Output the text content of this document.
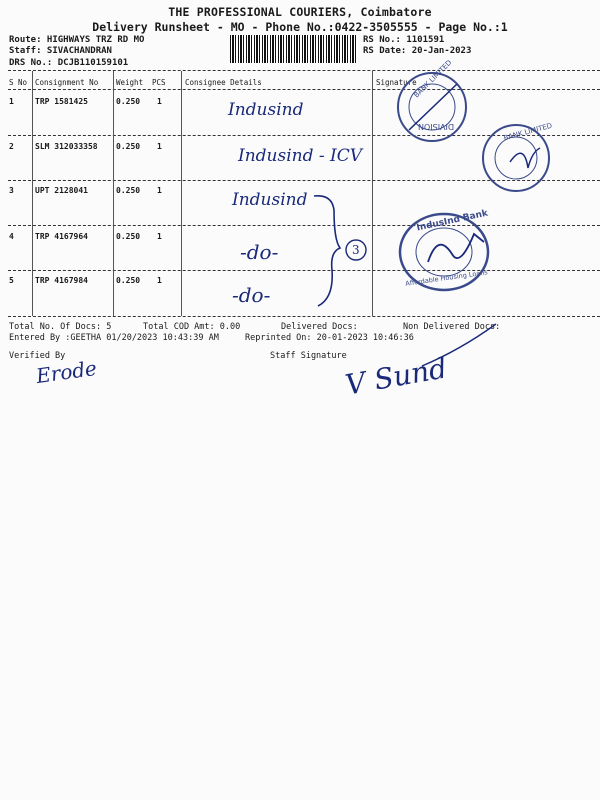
THE PROFESSIONAL COURIERS, Coimbatore
Delivery Runsheet - MO - Phone No.:0422-3505555 - Page No.:1
Route: HIGHWAYS TRZ RD MO
Staff: SIVACHANDRAN
DRS No.: DCJB110159101
RS No.: 1101591
RS Date: 20-Jan-2023
S No Consignment No Weight PCS	Consignee Details	Signature
1	TRP 1581425	0.250 1	Indusind
2	SLM 312033358 0.250 1	Indusind - ICV
3	UPT 2128041	0.250 1	Indusind
4	TRP 4167964	0.250 1
-do-
5	TRP 4167984	0.250 1
-do-
3
BANK LIMITED
DIVISION	BANK LIMITED
IndusInd Bank
Affordable Housing Loans
Total No. Of Docs: 5	Total COD Amt: 0.00	Delivered Docs:	Non Delivered Docs:
Entered By :GEETHA 01/20/2023 10:43:39 AM	Reprinted On: 20-01-2023 10:46:36
Verified By	Staff Signature
Erode	V Sund
